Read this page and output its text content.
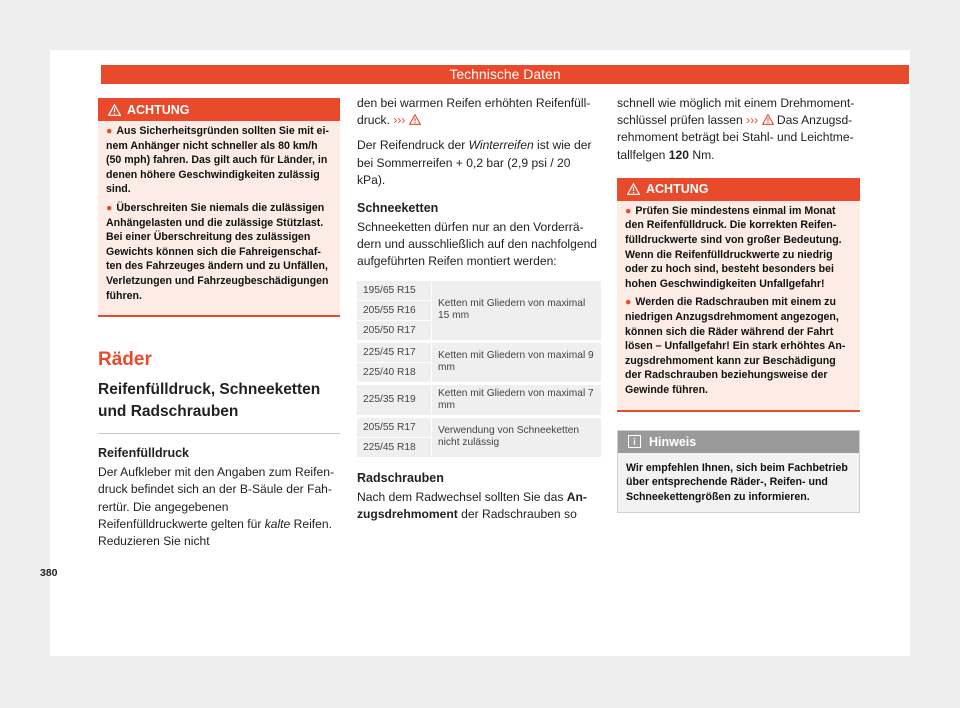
Technische Daten
ACHTUNG

● Aus Sicherheitsgründen sollten Sie mit einem Anhänger nicht schneller als 80 km/h (50 mph) fahren. Das gilt auch für Länder, in denen höhere Geschwindigkeiten zulässig sind.

● Überschreiten Sie niemals die zulässigen Anhängelasten und die zulässige Stützlast. Bei einer Überschreitung des zulässigen Gewichts können sich die Fahreigenschaften des Fahrzeuges ändern und zu Unfällen, Verletzungen und Fahrzeugbeschädigungen führen.

Räder
Reifenfülldruck, Schneeketten und Radschrauben
Reifenfülldruck

Der Aufkleber mit den Angaben zum Reifendruck befindet sich an der B-Säule der Fahrertür. Die angegebenen Reifenfülldruckwerte gelten für kalte Reifen. Reduzieren Sie nicht

den bei warmen Reifen erhöhten Reifenfülldruck. ›››

Der Reifendruck der Winterreifen ist wie der bei Sommerreifen + 0,2 bar (2,9 psi / 20 kPa).

Schneeketten

Schneeketten dürfen nur an den Vorderrädern und ausschließlich auf den nachfolgend aufgeführten Reifen montiert werden:

195/65 R15	Ketten mit Gliedern von maximal 15 mm
205/55 R16	
205/50 R17	
225/45 R17	Ketten mit Gliedern von maximal 9 mm
225/40 R18	
225/35 R19	Ketten mit Gliedern von maximal 7 mm
205/55 R17	Verwendung von Schneeketten nicht zulässig
225/45 R18	
Radschrauben

Nach dem Radwechsel sollten Sie das Anzugsdrehmoment der Radschrauben so

schnell wie möglich mit einem Drehmomentschlüssel prüfen lassen ›››  Das Anzugsdrehmoment beträgt bei Stahl- und Leichtmetallfelgen 120 Nm.

ACHTUNG

● Prüfen Sie mindestens einmal im Monat den Reifenfülldruck. Die korrekten Reifenfülldruckwerte sind von großer Bedeutung. Wenn die Reifenfülldruckwerte zu niedrig oder zu hoch sind, besteht besonders bei hohen Geschwindigkeiten Unfallgefahr!

● Werden die Radschrauben mit einem zu niedrigen Anzugsdrehmoment angezogen, können sich die Räder während der Fahrt lösen – Unfallgefahr! Ein stark erhöhtes Anzugsdrehmoment kann zur Beschädigung der Radschrauben beziehungsweise der Gewinde führen.

Hinweis
Wir empfehlen Ihnen, sich beim Fachbetrieb über entsprechende Räder-, Reifen- und Schneekettengrößen zu informieren.
380
